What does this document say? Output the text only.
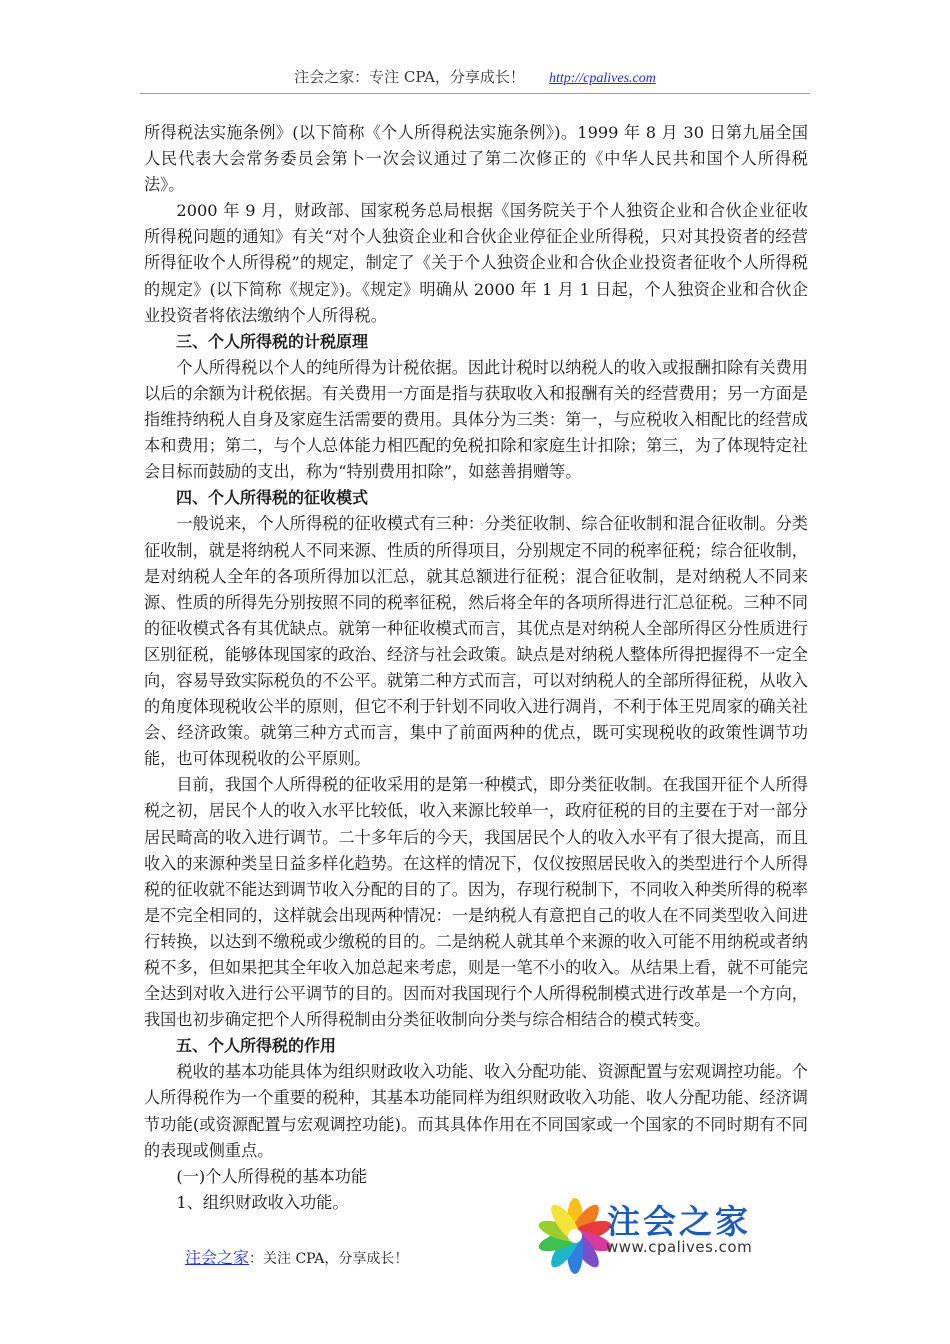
注会之家：专注 CPA，分享成长！ http://cpalives.com

所得税法实施条例》(以下简称《个人所得税法实施条例》)。1999 年 8 月 30 日第九届全国人民代表大会常务委员会第卜一次会议通过了第二次修正的《中华人民共和国个人所得税法》。

2000 年 9 月，财政部、国家税务总局根据《国务院关于个人独资企业和合伙企业征收所得税问题的通知》有关“对个人独资企业和合伙企业停征企业所得税，只对其投资者的经营所得征收个人所得税”的规定，制定了《关于个人独资企业和合伙企业投资者征收个人所得税的规定》(以下简称《规定》)。《规定》明确从 2000 年 1 月 1 日起，个人独资企业和合伙企业投资者将依法缴纳个人所得税。

三、个人所得税的计税原理

个人所得税以个人的纯所得为计税依据。因此计税时以纳税人的收入或报酬扣除有关费用以后的余额为计税依据。有关费用一方面是指与获取收入和报酬有关的经营费用；另一方面是指维持纳税人自身及家庭生活需要的费用。具体分为三类：第一，与应税收入相配比的经营成本和费用；第二，与个人总体能力相匹配的免税扣除和家庭生计扣除；第三，为了体现特定社会目标而鼓励的支出，称为“特别费用扣除”，如慈善捐赠等。

四、个人所得税的征收模式

一般说来，个人所得税的征收模式有三种：分类征收制、综合征收制和混合征收制。分类征收制，就是将纳税人不同来源、性质的所得项目，分别规定不同的税率征税；综合征收制，是对纳税人全年的各项所得加以汇总，就其总额进行征税；混合征收制，是对纳税人不同来源、性质的所得先分别按照不同的税率征税，然后将全年的各项所得进行汇总征税。三种不同的征收模式各有其优缺点。就第一种征收模式而言，其优点是对纳税人全部所得区分性质进行区别征税，能够体现国家的政治、经济与社会政策。缺点是对纳税人整体所得把握得不一定全向，容易导致实际税负的不公平。就第二种方式而言，可以对纳税人的全部所得征税，从收入的角度体现税收公半的原则，但它不利于针划不同收入进行凋肖，不利于体王兕周家的确关社会、经济政策。就第三种方式而言，集中了前面两种的优点，既可实现税收的政策性调节功能，也可体现税收的公平原则。

目前，我国个人所得税的征收采用的是第一种模式，即分类征收制。在我国开征个人所得税之初，居民个人的收入水平比较低，收入来源比较单一，政府征税的目的主要在于对一部分居民畸高的收入进行调节。二十多年后的今天，我国居民个人的收入水平有了很大提高，而且收入的来源种类呈日益多样化趋势。在这样的情况下，仅仪按照居民收入的类型进行个人所得税的征收就不能达到调节收入分配的目的了。因为，存现行税制下，不同收入种类所得的税率是不完全相同的，这样就会出现两种情况：一是纳税人有意把自己的收人在不同类型收入间进行转换，以达到不缴税或少缴税的目的。二是纳税人就其单个来源的收入可能不用纳税或者纳税不多，但如果把其全年收入加总起来考虑，则是一笔不小的收入。从结果上看，就不可能完全达到对收入进行公平调节的目的。因而对我国现行个人所得税制模式进行改革是一个方向，我国也初步确定把个人所得税制由分类征收制向分类与综合相结合的模式转变。

五、个人所得税的作用

税收的基本功能具体为组织财政收入功能、收入分配功能、资源配置与宏观调控功能。个人所得税作为一个重要的税种，其基本功能同样为组织财政收入功能、收人分配功能、经济调节功能(或资源配置与宏观调控功能)。而其具体作用在不同国家或一个国家的不同时期有不同的表现或侧重点。

(一)个人所得税的基本功能

1、组织财政收入功能。

注会之家：关注 CPA，分享成长！
注会之家
www.cpalives.com
